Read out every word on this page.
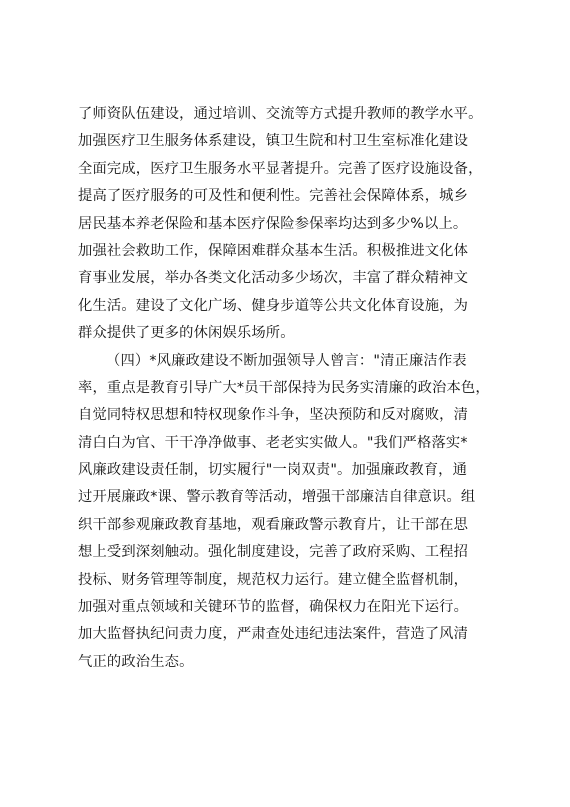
了师资队伍建设，通过培训、交流等方式提升教师的教学水平。
加强医疗卫生服务体系建设，镇卫生院和村卫生室标准化建设
全面完成，医疗卫生服务水平显著提升。完善了医疗设施设备，
提高了医疗服务的可及性和便利性。完善社会保障体系，城乡
居民基本养老保险和基本医疗保险参保率均达到多少%以上。
加强社会救助工作，保障困难群众基本生活。积极推进文化体
育事业发展，举办各类文化活动多少场次，丰富了群众精神文
化生活。建设了文化广场、健身步道等公共文化体育设施，为
群众提供了更多的休闲娱乐场所。
（四）*风廉政建设不断加强领导人曾言："清正廉洁作表
率，重点是教育引导广大*员干部保持为民务实清廉的政治本色，
自觉同特权思想和特权现象作斗争，坚决预防和反对腐败，清
清白白为官、干干净净做事、老老实实做人。"我们严格落实*
风廉政建设责任制，切实履行"一岗双责"。加强廉政教育，通
过开展廉政*课、警示教育等活动，增强干部廉洁自律意识。组
织干部参观廉政教育基地，观看廉政警示教育片，让干部在思
想上受到深刻触动。强化制度建设，完善了政府采购、工程招
投标、财务管理等制度，规范权力运行。建立健全监督机制，
加强对重点领域和关键环节的监督，确保权力在阳光下运行。
加大监督执纪问责力度，严肃查处违纪违法案件，营造了风清
气正的政治生态。
